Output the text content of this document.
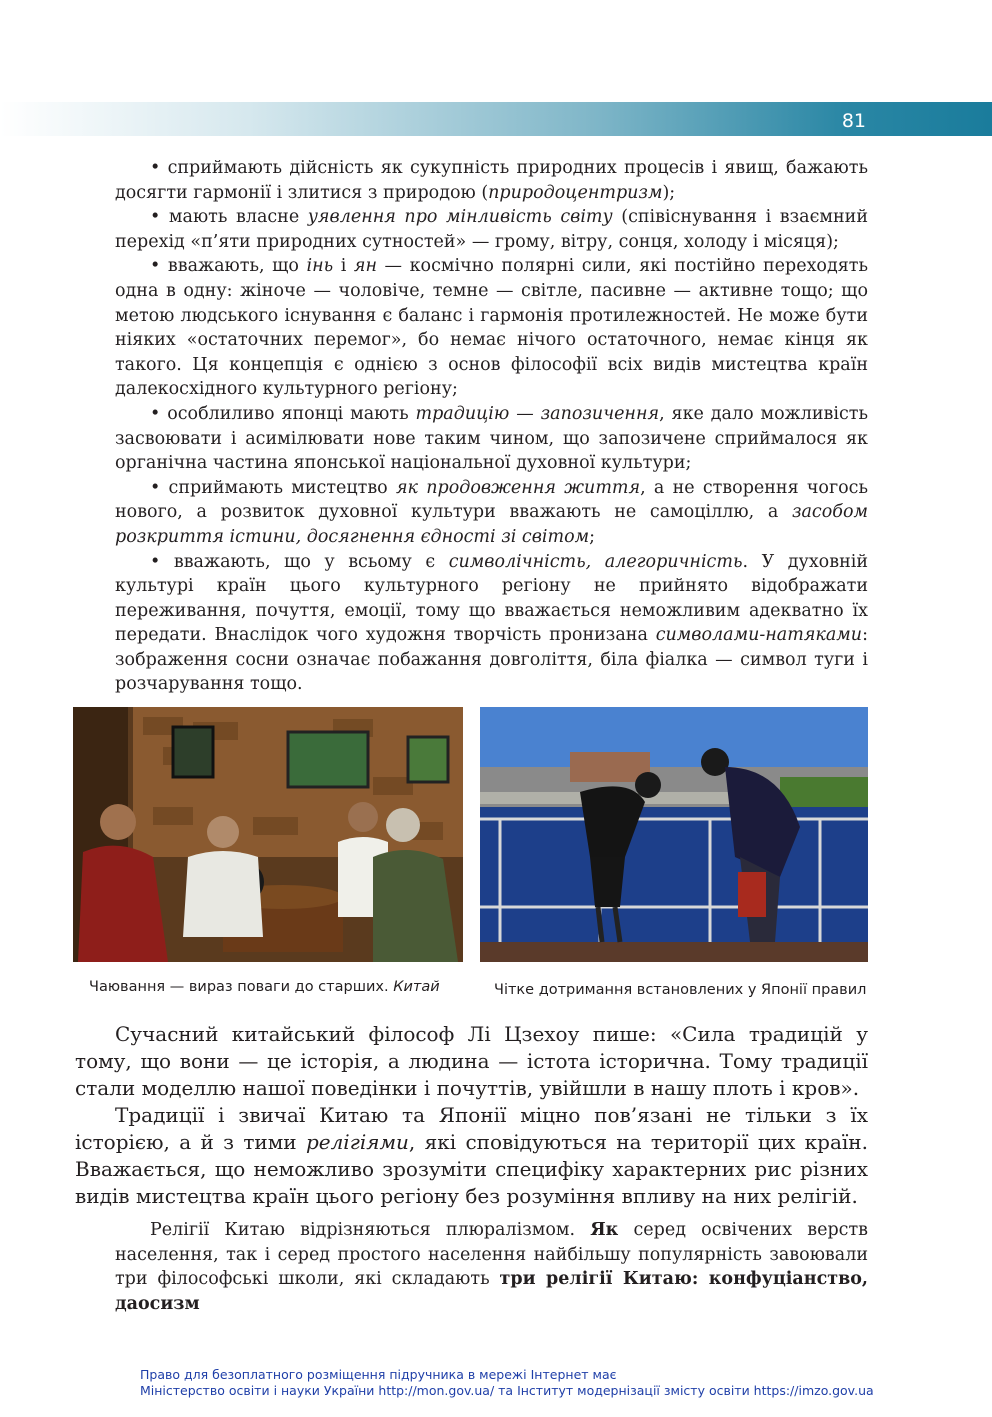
81

• сприймають дійсність як сукупність природних процесів і явищ, бажають досягти гармонії і злитися з природою (природоцентризм);

• мають власне уявлення про мінливість світу (співіснування і взаємний перехід «п’яти природних сутностей» — грому, вітру, сонця, холоду і місяця);

• вважають, що інь і ян — космічно полярні сили, які постійно переходять одна в одну: жіноче — чоловіче, темне — світле, пасивне — активне тощо; що метою людського існування є баланс і гармонія протилежностей. Не може бути ніяких «остаточних перемог», бо немає нічого остаточного, немає кінця як такого. Ця концепція є однією з основ філософії всіх видів мистецтва країн далекосхідного культурного регіону;

• особлиливо японці мають традицію — запозичення, яке дало можливість засвоювати і асимілювати нове таким чином, що запозичене сприймалося як органічна частина японської національної духовної культури;

• сприймають мистецтво як продовження життя, а не створення чогось нового, а розвиток духовної культури вважають не самоціллю, а засобом розкриття істини, досягнення єдності зі світом;

• вважають, що у всьому є символічність, алегоричність. У духовній культурі країн цього культурного регіону не прийнято відображати переживання, почуття, емоції, тому що вважається неможливим адекватно їх передати. Внаслідок чого художня творчість пронизана символами-натяками: зображення сосни означає побажання довголіття, біла фіалка — символ туги і розчарування тощо.

Чаювання — вираз поваги до старших. Китай	Чітке дотримання встановлених у Японії правил

Сучасний китайський філософ Лі Цзехоу пише: «Сила традицій у тому, що вони — це історія, а людина — істота історична. Тому традиції стали моделлю нашої поведінки і почуттів, увійшли в нашу плоть і кров».

Традиції і звичаї Китаю та Японії міцно пов’язані не тільки з їх історією, а й з тими релігіями, які сповідуються на території цих країн. Вважається, що неможливо зрозуміти специфіку характерних рис різних видів мистецтва країн цього регіону без розуміння впливу на них релігій.

Релігії Китаю відрізняються плюралізмом. Як серед освічених верств населення, так і серед простого населення найбільшу популярність завоювали три філософські школи, які складають три релігії Китаю: конфуціанство, даосизм

Право для безоплатного розміщення підручника в мережі Інтернет має
Міністерство освіти і науки України http://mon.gov.ua/ та Інститут модернізації змісту освіти https://imzo.gov.ua
